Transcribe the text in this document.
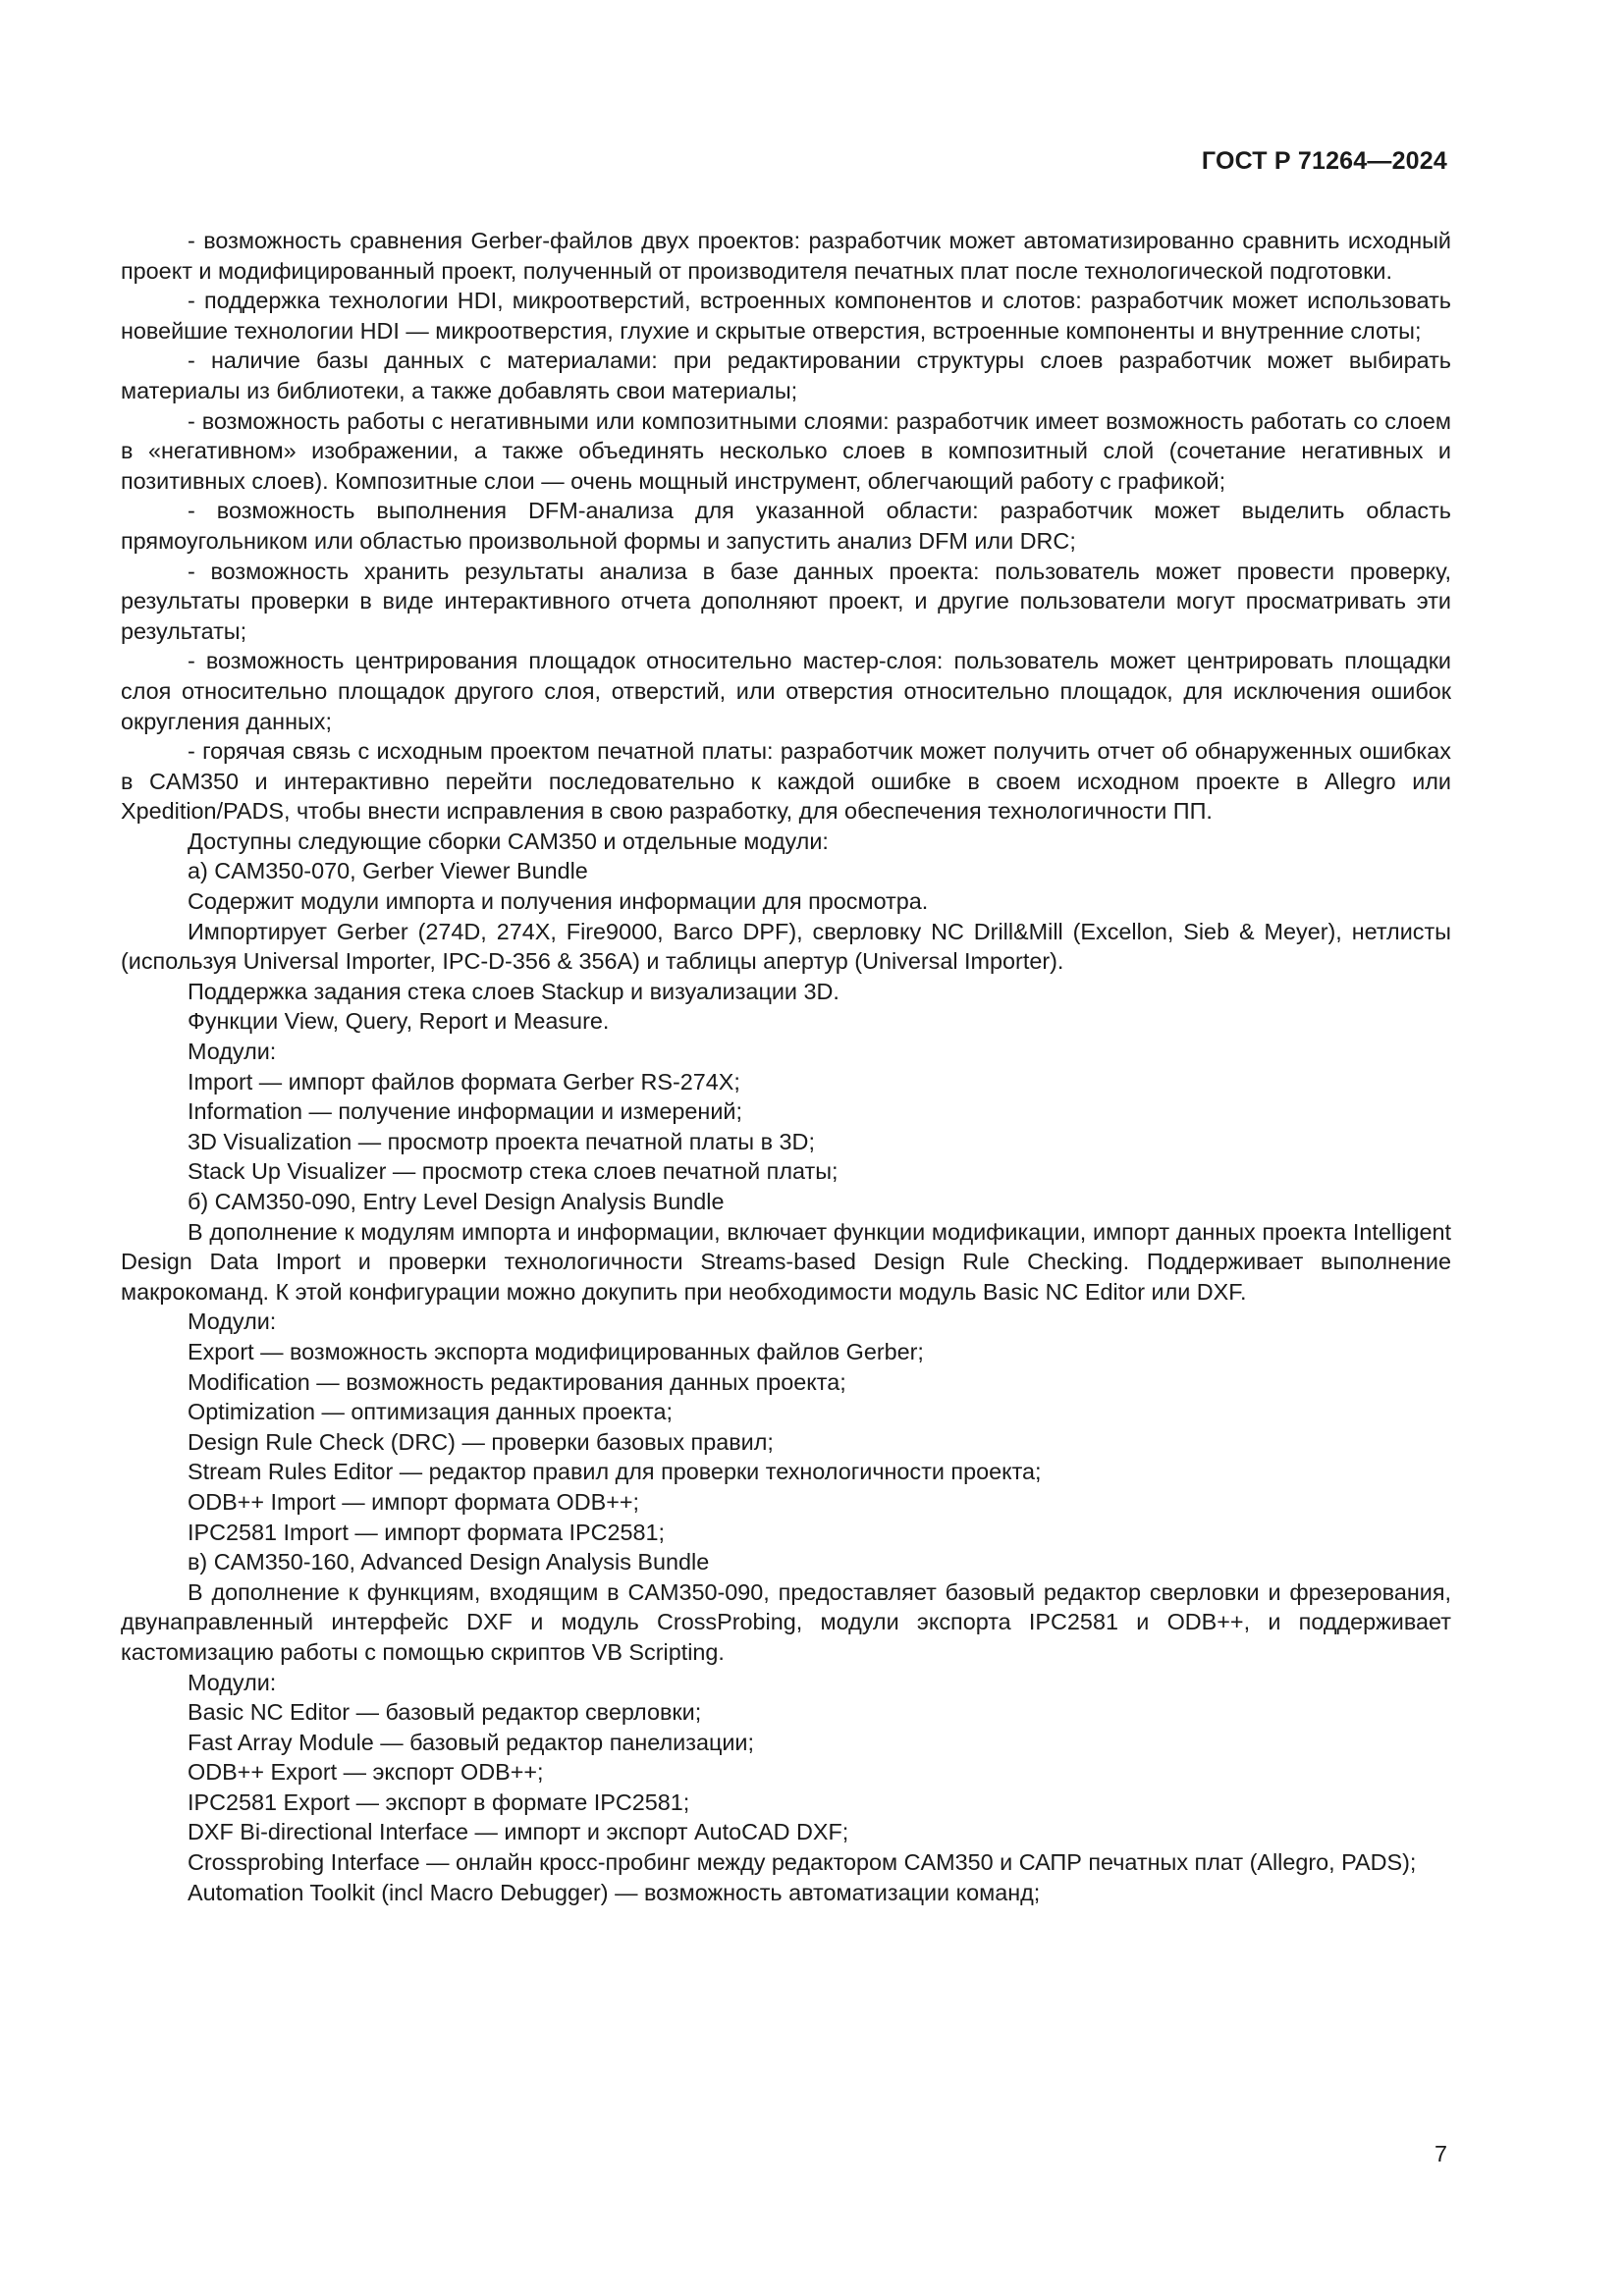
ГОСТ Р 71264—2024

- возможность сравнения Gerber-файлов двух проектов: разработчик может автоматизированно сравнить исходный проект и модифицированный проект, полученный от производителя печатных плат после технологической подготовки.

- поддержка технологии HDI, микроотверстий, встроенных компонентов и слотов: разработчик может использовать новейшие технологии HDI — микроотверстия, глухие и скрытые отверстия, встроенные компоненты и внутренние слоты;

- наличие базы данных с материалами: при редактировании структуры слоев разработчик может выбирать материалы из библиотеки, а также добавлять свои материалы;

- возможность работы с негативными или композитными слоями: разработчик имеет возможность работать со слоем в «негативном» изображении, а также объединять несколько слоев в композитный слой (сочетание негативных и позитивных слоев). Композитные слои — очень мощный инструмент, облегчающий работу с графикой;

- возможность выполнения DFM-анализа для указанной области: разработчик может выделить область прямоугольником или областью произвольной формы и запустить анализ DFM или DRC;

- возможность хранить результаты анализа в базе данных проекта: пользователь может провести проверку, результаты проверки в виде интерактивного отчета дополняют проект, и другие пользователи могут просматривать эти результаты;

- возможность центрирования площадок относительно мастер-слоя: пользователь может центрировать площадки слоя относительно площадок другого слоя, отверстий, или отверстия относительно площадок, для исключения ошибок округления данных;

- горячая связь с исходным проектом печатной платы: разработчик может получить отчет об обнаруженных ошибках в CAM350 и интерактивно перейти последовательно к каждой ошибке в своем исходном проекте в Allegro или Xpedition/PADS, чтобы внести исправления в свою разработку, для обеспечения технологичности ПП.

Доступны следующие сборки CAM350 и отдельные модули:

а) CAM350-070, Gerber Viewer Bundle

Содержит модули импорта и получения информации для просмотра.

Импортирует Gerber (274D, 274X, Fire9000, Barco DPF), сверловку NC Drill&Mill (Excellon, Sieb & Meyer), нетлисты (используя Universal Importer, IPC-D-356 & 356A) и таблицы апертур (Universal Importer).

Поддержка задания стека слоев Stackup и визуализации 3D.

Функции View, Query, Report и Measure.

Модули:

Import — импорт файлов формата Gerber RS-274X;

Information — получение информации и измерений;

3D Visualization — просмотр проекта печатной платы в 3D;

Stack Up Visualizer — просмотр стека слоев печатной платы;

б) CAM350-090, Entry Level Design Analysis Bundle

В дополнение к модулям импорта и информации, включает функции модификации, импорт данных проекта Intelligent Design Data Import и проверки технологичности Streams-based Design Rule Checking. Поддерживает выполнение макрокоманд. К этой конфигурации можно докупить при необходимости модуль Basic NC Editor или DXF.

Модули:

Export — возможность экспорта модифицированных файлов Gerber;

Modification — возможность редактирования данных проекта;

Optimization — оптимизация данных проекта;

Design Rule Check (DRC) — проверки базовых правил;

Stream Rules Editor — редактор правил для проверки технологичности проекта;

ODB++ Import — импорт формата ODB++;

IPC2581 Import — импорт формата IPC2581;

в) CAM350-160, Advanced Design Analysis Bundle

В дополнение к функциям, входящим в CAM350-090, предоставляет базовый редактор сверловки и фрезерования, двунаправленный интерфейс DXF и модуль CrossProbing, модули экспорта IPC2581 и ODB++, и поддерживает кастомизацию работы с помощью скриптов VB Scripting.

Модули:

Basic NC Editor — базовый редактор сверловки;

Fast Array Module — базовый редактор панелизации;

ODB++ Export — экспорт ODB++;

IPC2581 Export — экспорт в формате IPC2581;

DXF Bi-directional Interface — импорт и экспорт AutoCAD DXF;

Crossprobing Interface — онлайн кросс-пробинг между редактором CAM350 и САПР печатных плат (Allegro, PADS);

Automation Toolkit (incl Macro Debugger) — возможность автоматизации команд;

7
